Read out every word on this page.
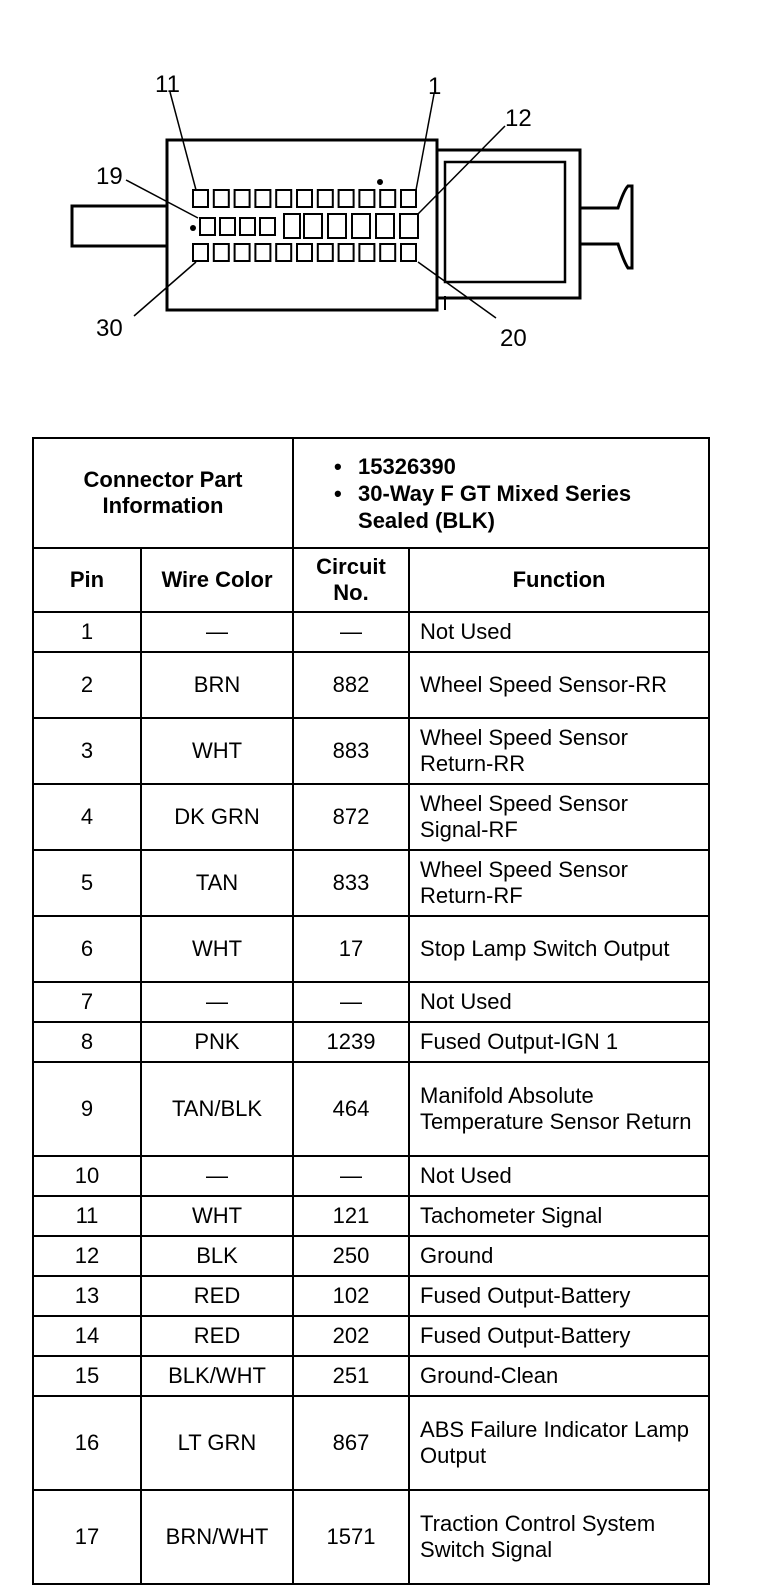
11	1
12
19
30	20
Connector Part Information		• 15326390
• 30-Way F GT Mixed Series Sealed (BLK)

Pin	Wire Color	Circuit No.	Function
1	—	—	Not Used
2	BRN	882	Wheel Speed Sensor-RR
3	WHT	883	Wheel Speed Sensor Return-RR
4	DK GRN	872	Wheel Speed Sensor Signal-RF
5	TAN	833	Wheel Speed Sensor Return-RF
6	WHT	17	Stop Lamp Switch Output
7	—	—	Not Used
8	PNK	1239	Fused Output-IGN 1
9	TAN/BLK	464	Manifold Absolute Temperature Sensor Return
10	—	—	Not Used
11	WHT	121	Tachometer Signal
12	BLK	250	Ground
13	RED	102	Fused Output-Battery
14	RED	202	Fused Output-Battery
15	BLK/WHT	251	Ground-Clean
16	LT GRN	867	ABS Failure Indicator Lamp Output
17	BRN/WHT	1571	Traction Control System Switch Signal
